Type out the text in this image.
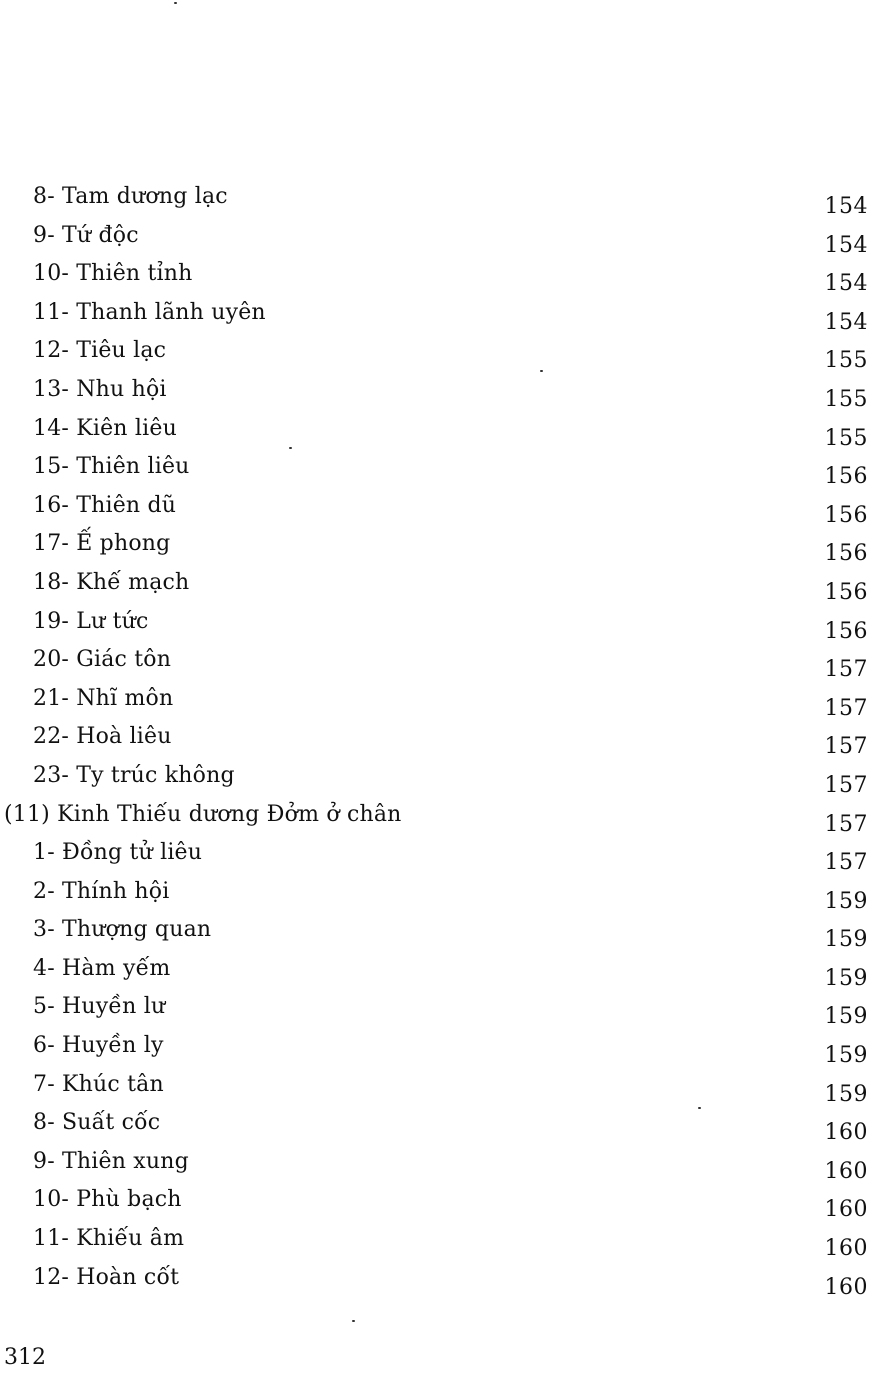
8- Tam dương lạc	154
9- Tứ độc	154
10- Thiên tỉnh	154
11- Thanh lãnh uyên	154
12- Tiêu lạc	155
13- Nhu hội	155
14- Kiên liêu	155
15- Thiên liêu	156
16- Thiên dũ	156
17- Ế phong	156
18- Khế mạch	156
19- Lư tức	156
20- Giác tôn	157
21- Nhĩ môn	157
22- Hoà liêu	157
23- Ty trúc không	157
(11) Kinh Thiếu dương Đởm ở chân	157
1- Đồng tử liêu	157
2- Thính hội	159
3- Thượng quan	159
4- Hàm yếm	159
5- Huyền lư	159
6- Huyền ly	159
7- Khúc tân	159
8- Suất cốc	160
9- Thiên xung	160
10- Phù bạch	160
11- Khiếu âm	160
12- Hoàn cốt	160
312
